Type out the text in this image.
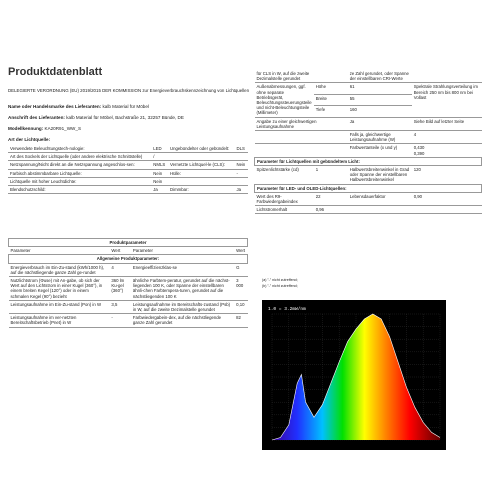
Produktdatenblatt
DELEGIERTE VERORDNUNG (EU) 2019/2015 DER KOMMISSION zur Energieverbrauchskennzeichnung von Lichtquellen
Name oder Handelsmarke des Lieferanten: kalb Material für Möbel
Anschrift des Lieferanten: kalb Material für Möbel, Bachstraße 21, 32257 Bünde, DE
Modellkennung: KA20R91_WW_S
Art der Lichtquelle:
Verwendete Beleuchtungstech-nologie:	LED	Ungebündelter oder gebündelt:	DLS
Art des Sockels der Lichtquelle (oder andere elektrische Schnittstelle)	/		
Netzspannung/Nicht direkt an die Netzspannung angeschlos-sen:	NMLS	Vernetzte Lichtquel-le (CLS):	Nein
Farbisch abstimmbarbare Lichtquelle:	Nein	Hülle:	-
Lichtquelle mit hoher Leuchtdichte:	Nein		
Blendschutzschild:	Ja	Dimmbar:	Ja
Produktparameter			
Parameter	Wert	Parameter	Wert
Allgemeine Produktparameter:			
Energieverbrauch im Ein-Zu-stand (kWh/1000 h), auf die nächstliegende ganze Zahl ge-rundet	4	Energieeffizienzklas-se	G
Nutzlichtstrom (Φuse) mit An-gabe, ob sich der Wert auf den Lichtstrom in einer Kugel (360°), in einem breiten Kegel (120°) oder in einem schmalen Kegel (90°) bezieht	360 lm Ku-gel (360°)	ähnliche Farbtem-peratur, gerundet auf die nächst-liegenden 100 K, oder Spanne der einstellbaren ähnli-chen Farbtempera-turen, gerundet auf die nächstliegenden 100 K	3 000
Leistungsaufnahme im Ein-Zu-stand (Pon) in W	3,5	Leistungsaufnahme im Bereitschafts-zustand (Psb) in W, auf die zweite Dezimalstelle gerundet	0,10
Leistungsaufnahme im ver-netzten Bereitschaftsbetrieb (Pnet) in W	-	Farbwiedergabein-dex, auf die nächstliegende ganze Zahl gerundet	82
für CLS in W, auf die zweite Dezimalstelle gerundet		ze Zahl gerundet, oder Spanne der einstellbaren CRI-Werte	
Außenabmessungen, ggf. ohne separate Betriebsgerät, Beleuchtungssteuerungsteile und nicht-Beleuchtungsteile (Millimeter)	Höhe	61	Spektrale Strahlungsverteilung im Bereich 250 nm bis 800 nm bei Vollast
	Breite	55	
	Tiefe	160	
Angabe zu einer gleichwertigen Leistungsaufnahme		Ja	Siehe Bild auf letzter Seite
		Falls ja, gleichwertige Leistungsaufnahme (W)	4
		Farbwertanteile (x und y)	0,430
0,390
Parameter für Lichtquellen mit gebündeltem Licht:			
Spitzenlichtstärke (cd)	1	Halbwertsbreitenwinkel in Grad oder Spanne der einstellbaren Halbwertsbreitenwinkel	120
Parameter für LED- und OLED-Lichtquellen:			
Wert des R9-Farbwiedergabeindex	22	Lebensdauerfaktor	0,90
Lichtstromerhalt	0,96		
(a) "-" nicht zutreffend;
(b) "-" nicht zutreffend;
1.0 = 3.2mW/nm
